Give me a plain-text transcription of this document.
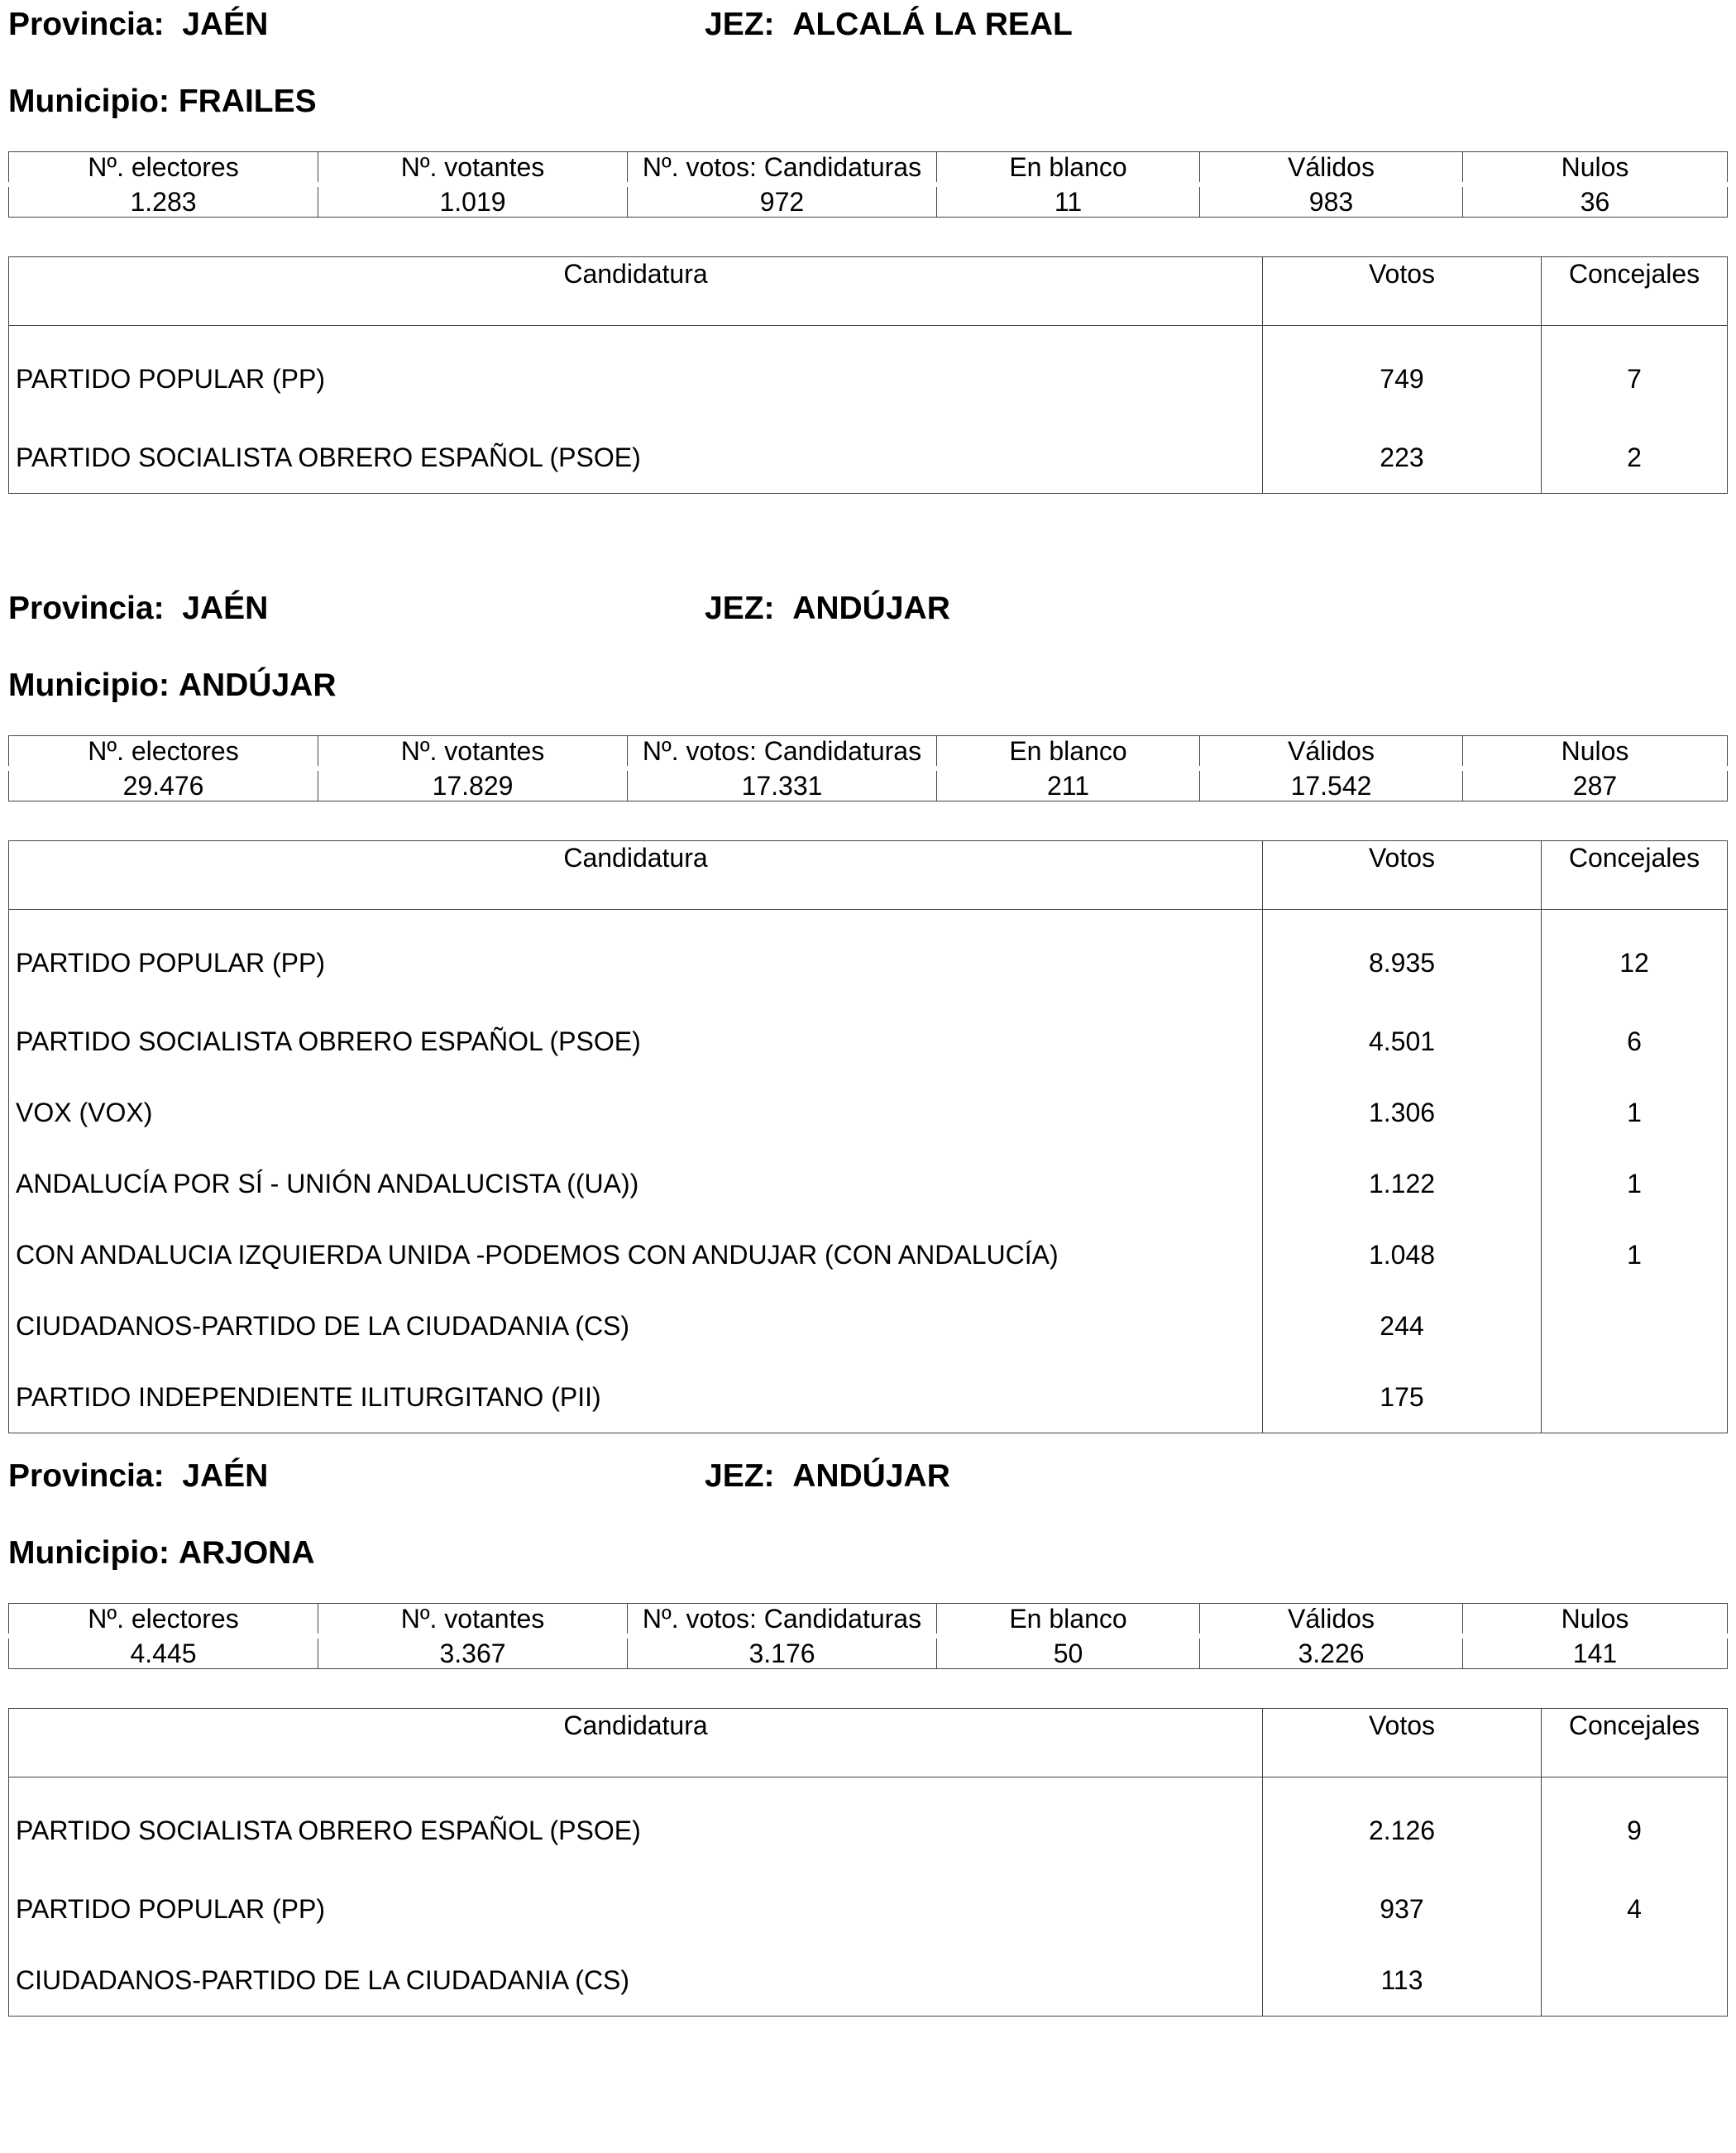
Provincia: JAÉN	JEZ: ALCALÁ LA REAL
Municipio: FRAILES
Nº. electores	Nº. votantes	Nº. votos: Candidaturas	En blanco	Válidos	Nulos
1.283	1.019	972	11	983	36
Candidatura	Votos	Concejales
PARTIDO POPULAR (PP)	749	7
PARTIDO SOCIALISTA OBRERO ESPAÑOL (PSOE)	223	2
Provincia: JAÉN	JEZ: ANDÚJAR
Municipio: ANDÚJAR
Nº. electores	Nº. votantes	Nº. votos: Candidaturas	En blanco	Válidos	Nulos
29.476	17.829	17.331	211	17.542	287
Candidatura	Votos	Concejales
PARTIDO POPULAR (PP)	8.935	12
PARTIDO SOCIALISTA OBRERO ESPAÑOL (PSOE)	4.501	6
VOX (VOX)	1.306	1
ANDALUCÍA POR SÍ - UNIÓN ANDALUCISTA ((UA))	1.122	1
CON ANDALUCIA IZQUIERDA UNIDA -PODEMOS CON ANDUJAR (CON ANDALUCÍA)	1.048	1
CIUDADANOS-PARTIDO DE LA CIUDADANIA (CS)	244	
PARTIDO INDEPENDIENTE ILITURGITANO (PII)	175	
Provincia: JAÉN	JEZ: ANDÚJAR
Municipio: ARJONA
Nº. electores	Nº. votantes	Nº. votos: Candidaturas	En blanco	Válidos	Nulos
4.445	3.367	3.176	50	3.226	141
Candidatura	Votos	Concejales
PARTIDO SOCIALISTA OBRERO ESPAÑOL (PSOE)	2.126	9
PARTIDO POPULAR (PP)	937	4
CIUDADANOS-PARTIDO DE LA CIUDADANIA (CS)	113	
